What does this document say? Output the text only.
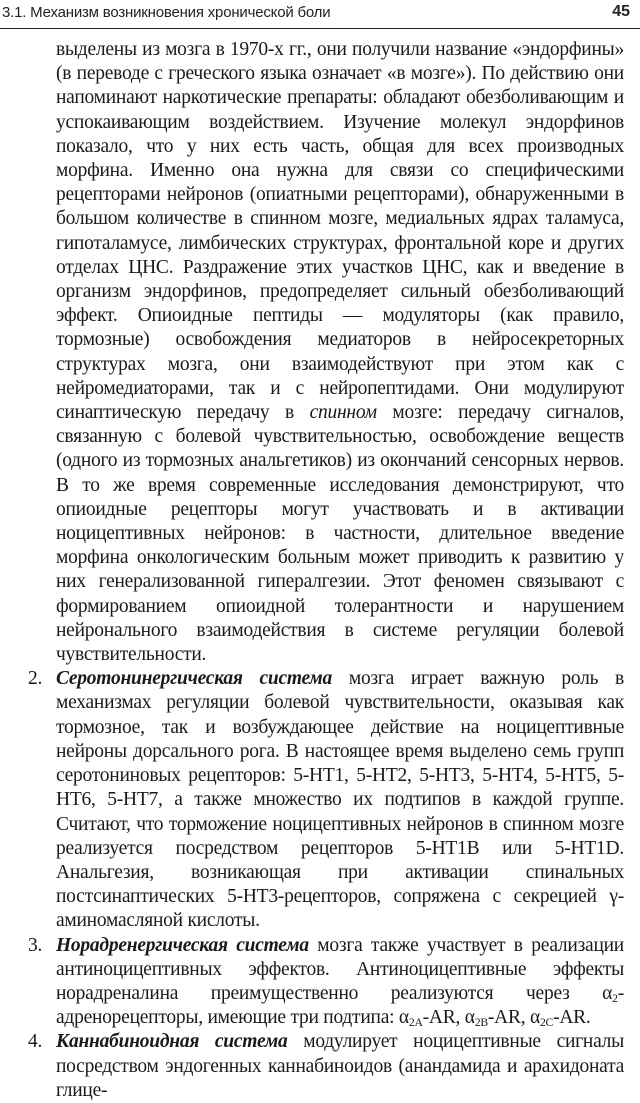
3.1. Механизм возникновения хронической боли	45

выделены из мозга в 1970-х гг., они получили название «эндорфины» (в переводе с греческого языка означает «в мозге»). По действию они напоминают наркотические препараты: обладают обезболивающим и успокаивающим воздействием. Изучение молекул эндорфинов показало, что у них есть часть, общая для всех производных морфина. Именно она нужна для связи со специфическими рецепторами нейронов (опиатными рецепторами), обнаруженными в большом количестве в спинном мозге, медиальных ядрах таламуса, гипоталамусе, лимбических структурах, фронтальной коре и других отделах ЦНС. Раздражение этих участков ЦНС, как и введение в организм эндорфинов, предопределяет сильный обезболивающий эффект. Опиоидные пептиды — модуляторы (как правило, тормозные) освобождения медиаторов в нейросекреторных структурах мозга, они взаимодействуют при этом как с нейромедиаторами, так и с нейропептидами. Они модулируют синаптическую передачу в спинном мозге: передачу сигналов, связанную с болевой чувствительностью, освобождение веществ (одного из тормозных анальгетиков) из окончаний сенсорных нервов. В то же время современные исследования демонстрируют, что опиоидные рецепторы могут участвовать и в активации ноцицептивных нейронов: в частности, длительное введение морфина онкологическим больным может приводить к развитию у них генерализованной гипералгезии. Этот феномен связывают с формированием опиоидной толерантности и нарушением нейронального взаимодействия в системе регуляции болевой чувствительности.

2. Серотонинергическая система мозга играет важную роль в механизмах регуляции болевой чувствительности, оказывая как тормозное, так и возбуждающее действие на ноцицептивные нейроны дорсального рога. В настоящее время выделено семь групп серотониновых рецепторов: 5-HT1, 5-HT2, 5-HT3, 5-HT4, 5-HT5, 5-HT6, 5-HT7, а также множество их подтипов в каждой группе. Считают, что торможение ноцицептивных нейронов в спинном мозге реализуется посредством рецепторов 5-HT1B или 5-HT1D. Анальгезия, возникающая при активации спинальных постсинаптических 5-HT3-рецепторов, сопряжена с секрецией γ-аминомасляной кислоты.
3. Норадренергическая система мозга также участвует в реализации антиноцицептивных эффектов. Антиноцицептивные эффекты норадреналина преимущественно реализуются через $\alpha_2$-адренорецепторы, имеющие три подтипа: $\alpha_{2A}-AR$, $\alpha_{2B}-AR$, $\alpha_{2C}-AR$.
4. Каннабиноидная система модулирует ноцицептивные сигналы посредством эндогенных каннабиноидов (анандамида и арахидоната глице-
